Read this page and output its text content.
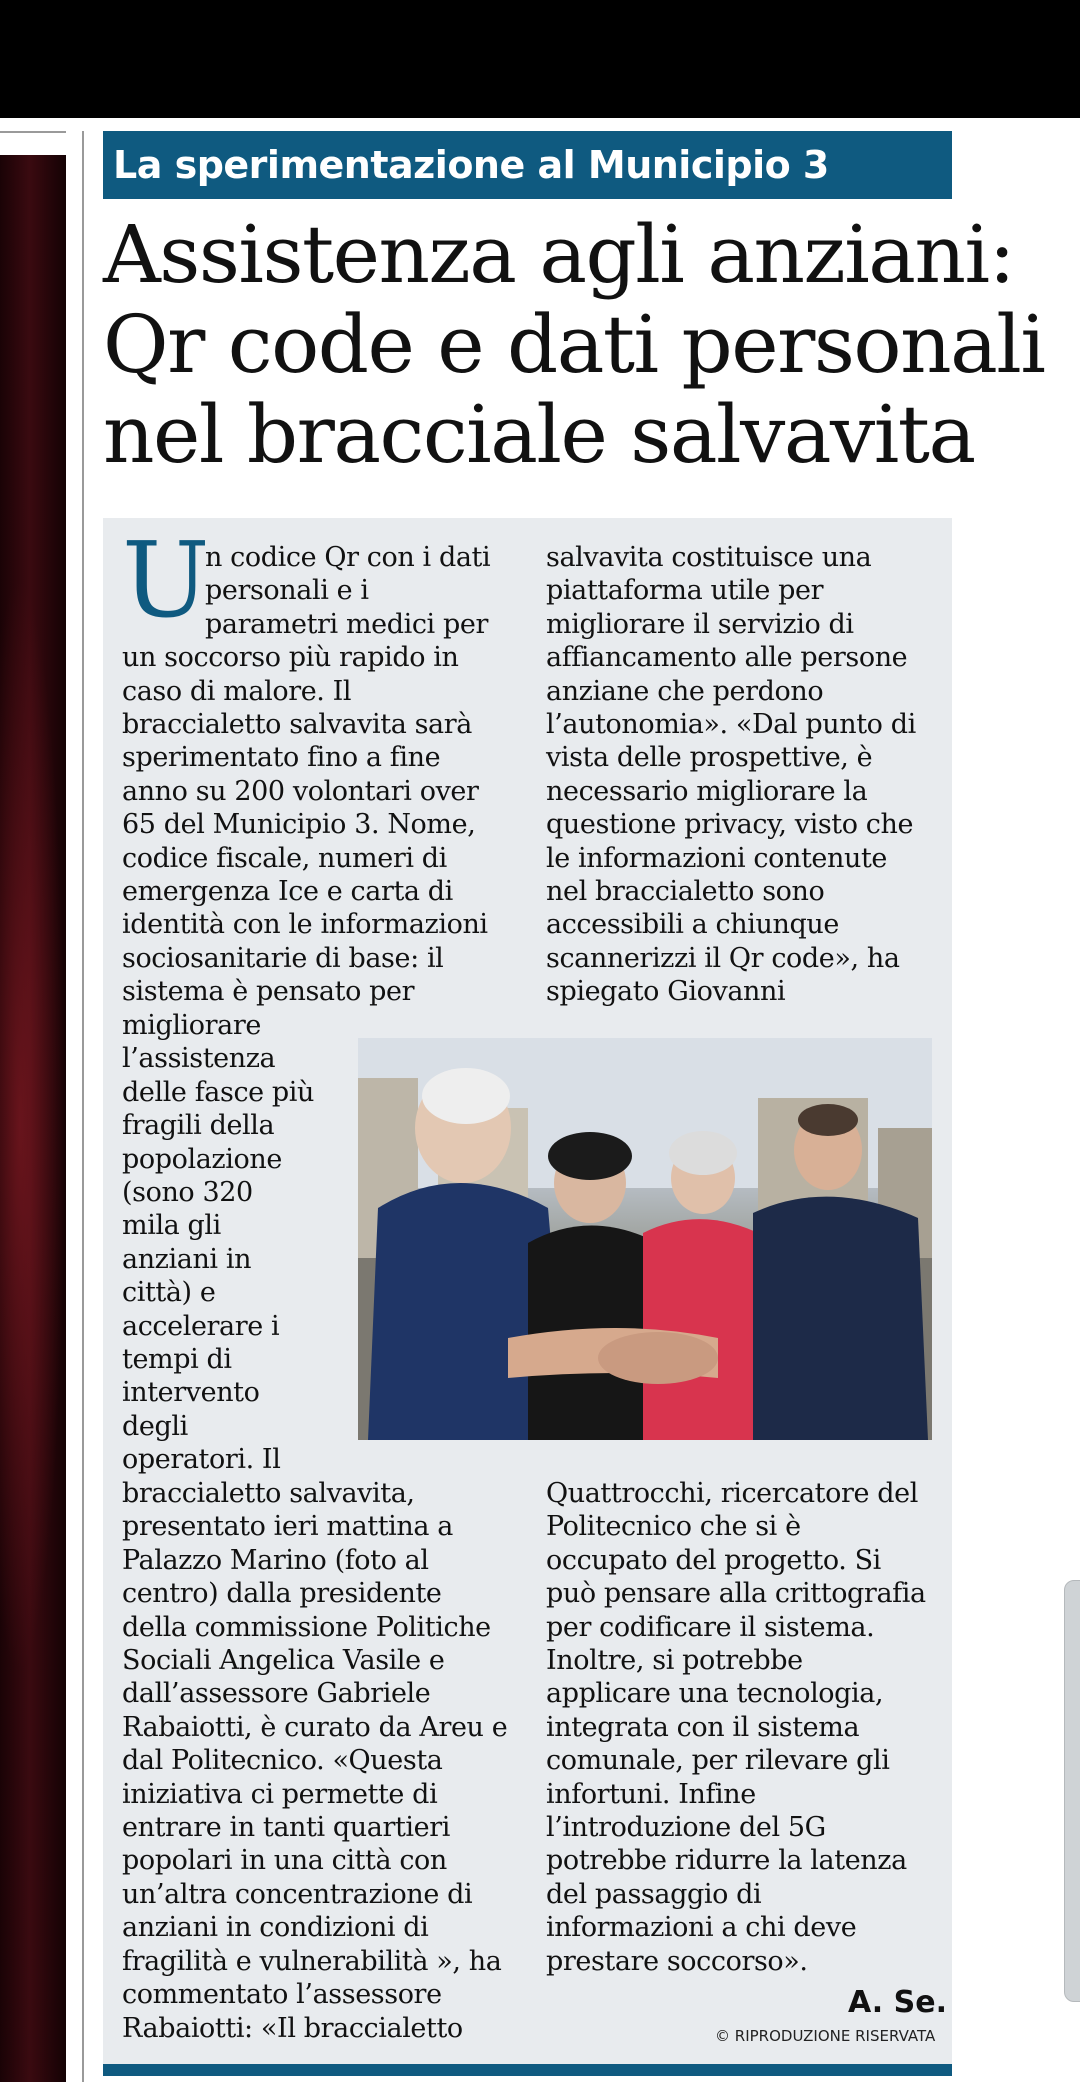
La sperimentazione al Municipio 3
Assistenza agli anziani:
Qr code e dati personali
nel bracciale salvavita
U
n codice Qr con i dati
personali e i
parametri medici per
un soccorso più rapido in
caso di malore. Il
braccialetto salvavita sarà
sperimentato fino a fine
anno su 200 volontari over
65 del Municipio 3. Nome,
codice fiscale, numeri di
emergenza Ice e carta di
identità con le informazioni
sociosanitarie di base: il
sistema è pensato per
migliorare
l’assistenza
delle fasce più
fragili della
popolazione
(sono 320
mila gli
anziani in
città) e
accelerare i
tempi di
intervento
degli
operatori. Il
braccialetto salvavita,
presentato ieri mattina a
Palazzo Marino (foto al
centro) dalla presidente
della commissione Politiche
Sociali Angelica Vasile e
dall’assessore Gabriele
Rabaiotti, è curato da Areu e
dal Politecnico. «Questa
iniziativa ci permette di
entrare in tanti quartieri
popolari in una città con
un’altra concentrazione di
anziani in condizioni di
fragilità e vulnerabilità », ha
commentato l’assessore
Rabaiotti: «Il braccialetto
salvavita costituisce una
piattaforma utile per
migliorare il servizio di
affiancamento alle persone
anziane che perdono
l’autonomia». «Dal punto di
vista delle prospettive, è
necessario migliorare la
questione privacy, visto che
le informazioni contenute
nel braccialetto sono
accessibili a chiunque
scannerizzi il Qr code», ha
spiegato Giovanni
Quattrocchi, ricercatore del
Politecnico che si è
occupato del progetto. Si
può pensare alla crittografia
per codificare il sistema.
Inoltre, si potrebbe
applicare una tecnologia,
integrata con il sistema
comunale, per rilevare gli
infortuni. Infine
l’introduzione del 5G
potrebbe ridurre la latenza
del passaggio di
informazioni a chi deve
prestare soccorso».
A. Se.
© RIPRODUZIONE RISERVATA
